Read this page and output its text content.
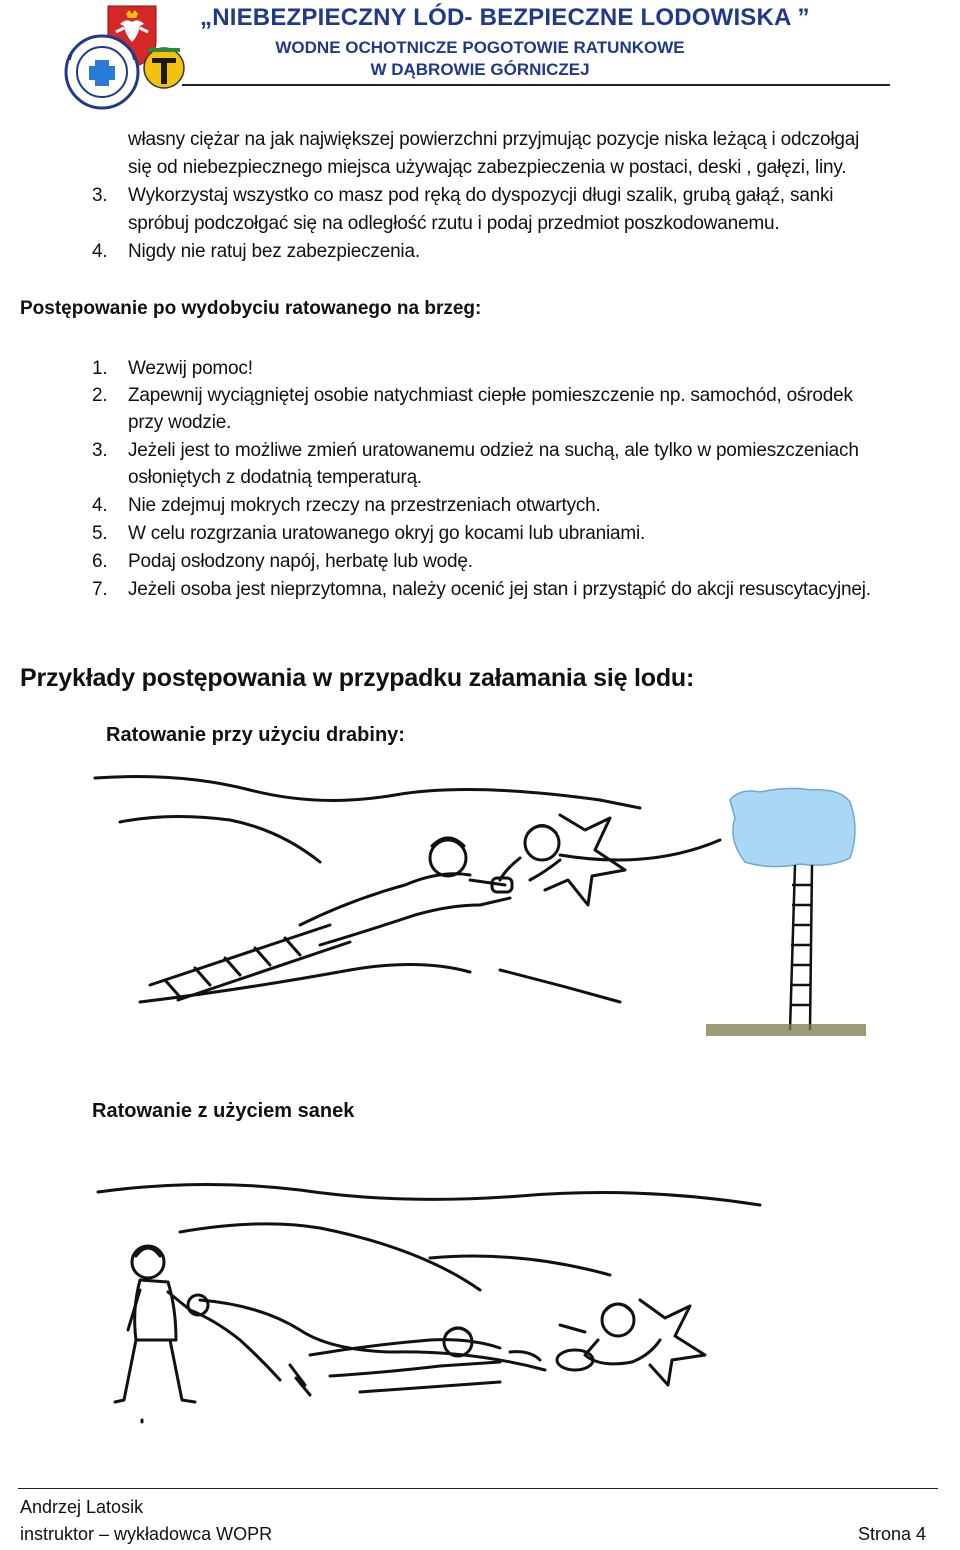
„NIEBEZPIECZNY LÓD- BEZPIECZNE LODOWISKA ”
WODNE OCHOTNICZE POGOTOWIE RATUNKOWE
W DĄBROWIE GÓRNICZEJ
własny ciężar na jak największej powierzchni przyjmując pozycje niska leżącą i odczołgaj
się od niebezpiecznego miejsca używając zabezpieczenia w postaci, deski , gałęzi, liny.
3.	Wykorzystaj wszystko co masz pod ręką do dyspozycji długi szalik, grubą gałąź, sanki
spróbuj podczołgać się na odległość rzutu i podaj przedmiot poszkodowanemu.
4.	Nigdy nie ratuj bez zabezpieczenia.
Postępowanie po wydobyciu ratowanego na brzeg:
1.	Wezwij pomoc!
2.	Zapewnij wyciągniętej osobie natychmiast ciepłe pomieszczenie np. samochód, ośrodek
przy wodzie.
3.	Jeżeli jest to możliwe zmień uratowanemu odzież na suchą, ale tylko w pomieszczeniach
osłoniętych z dodatnią temperaturą.
4.	Nie zdejmuj mokrych rzeczy na przestrzeniach otwartych.
5.	W celu rozgrzania uratowanego okryj go kocami lub ubraniami.
6.	Podaj osłodzony napój, herbatę lub wodę.
7.	Jeżeli osoba jest nieprzytomna, należy ocenić jej stan i przystąpić do akcji resuscytacyjnej.
Przykłady postępowania w przypadku załamania się lodu:
Ratowanie przy użyciu drabiny:
Ratowanie z użyciem sanek
Andrzej Latosik
instruktor – wykładowca WOPR	Strona 4
